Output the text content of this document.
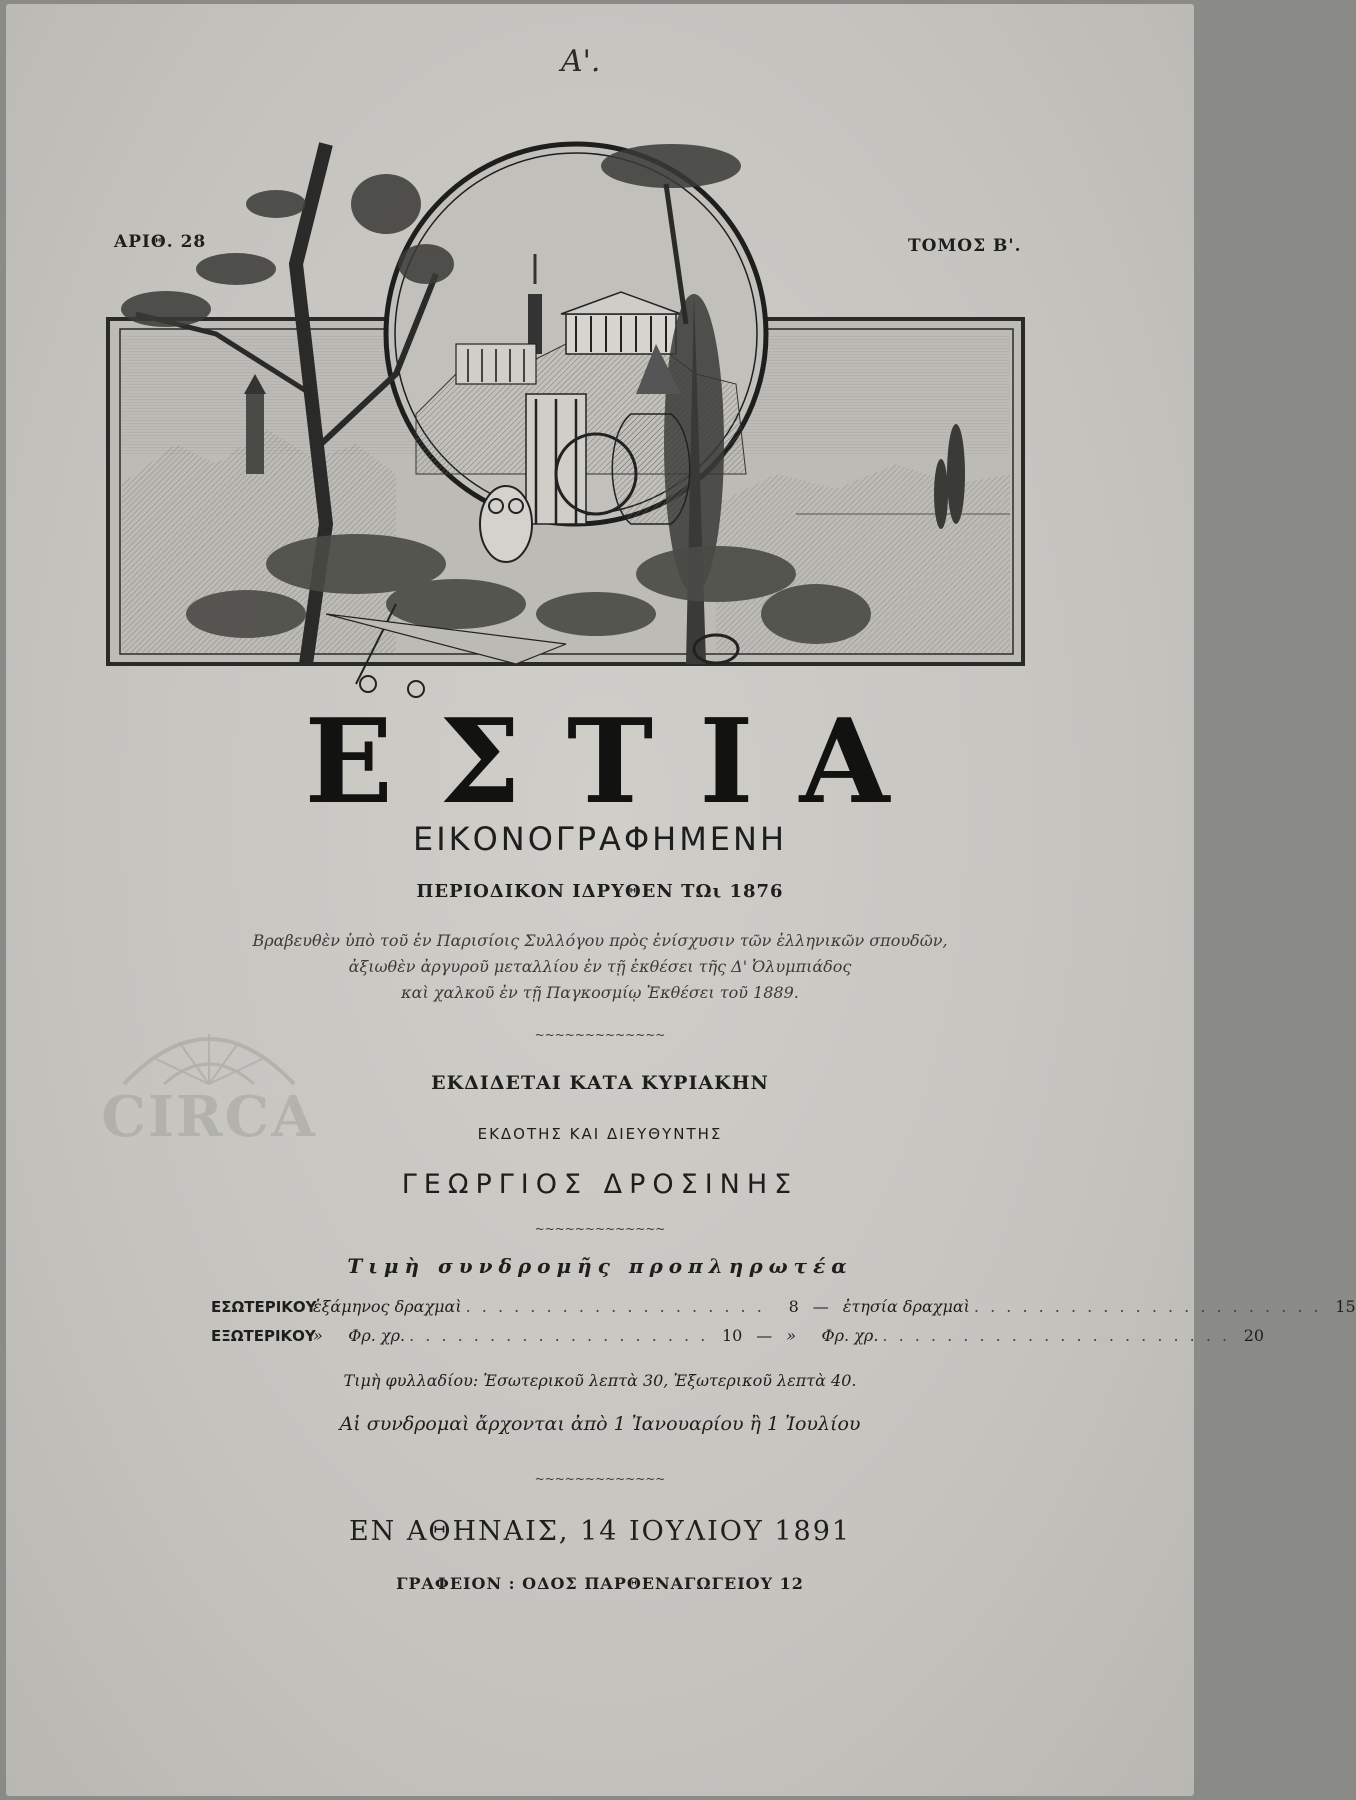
A'.
ΑΡΙΘ. 28	ΤΟΜΟΣ Β'.
ΕΣΤΙΑ
ΕΙΚΟΝΟΓΡΑΦΗΜΕΝΗ
ΠΕΡΙΟΔΙΚΟΝ ΙΔΡΥΘΕΝ ΤΩι 1876
Βραβευθὲν ὑπὸ τοῦ ἐν Παρισίοις Συλλόγου πρὸς ἐνίσχυσιν τῶν ἑλληνικῶν σπουδῶν,
ἀξιωθὲν ἀργυροῦ μεταλλίου ἐν τῇ ἐκθέσει τῆς Δ' Ὀλυμπιάδος
καὶ χαλκοῦ ἐν τῇ Παγκοσμίῳ Ἐκθέσει τοῦ 1889.
~~~~~~~~~~~~~
ΕΚΔΙΔΕΤΑΙ ΚΑΤΑ ΚΥΡΙΑΚΗΝ
ΕΚΔΟΤΗΣ ΚΑΙ ΔΙΕΥΘΥΝΤΗΣ
ΓΕΩΡΓΙΟΣ ΔΡΟΣΙΝΗΣ
~~~~~~~~~~~~~
Τιμὴ συνδρομῆς προπληρωτέα
ΕΣΩΤΕΡΙΚΟΥ
ἑξάμηνος δραχμαὶ . . . . . . . . . . . . . . . . . . .	8 — ἐτησία δραχμαὶ . . . . . . . . . . . . . . . . . . . . . . 15
ΕΞΩΤΕΡΙΚΟΥ
»     Φρ. χρ. . . . . . . . . . . . . . . . . . . . 10 — »     Φρ. χρ. . . . . . . . . . . . . . . . . . . . . . . 20
Τιμὴ φυλλαδίου: Ἐσωτερικοῦ λεπτὰ 30, Ἐξωτερικοῦ λεπτὰ 40.
Αἱ συνδρομαὶ ἄρχονται ἀπὸ 1 Ἰανουαρίου ἢ 1 Ἰουλίου
~~~~~~~~~~~~~
ΕΝ ΑΘΗΝΑΙΣ, 14 ΙΟΥΛΙΟΥ 1891
ΓΡΑΦΕΙΟΝ : ΟΔΟΣ ΠΑΡΘΕΝΑΓΩΓΕΙΟΥ 12
CIRCA
